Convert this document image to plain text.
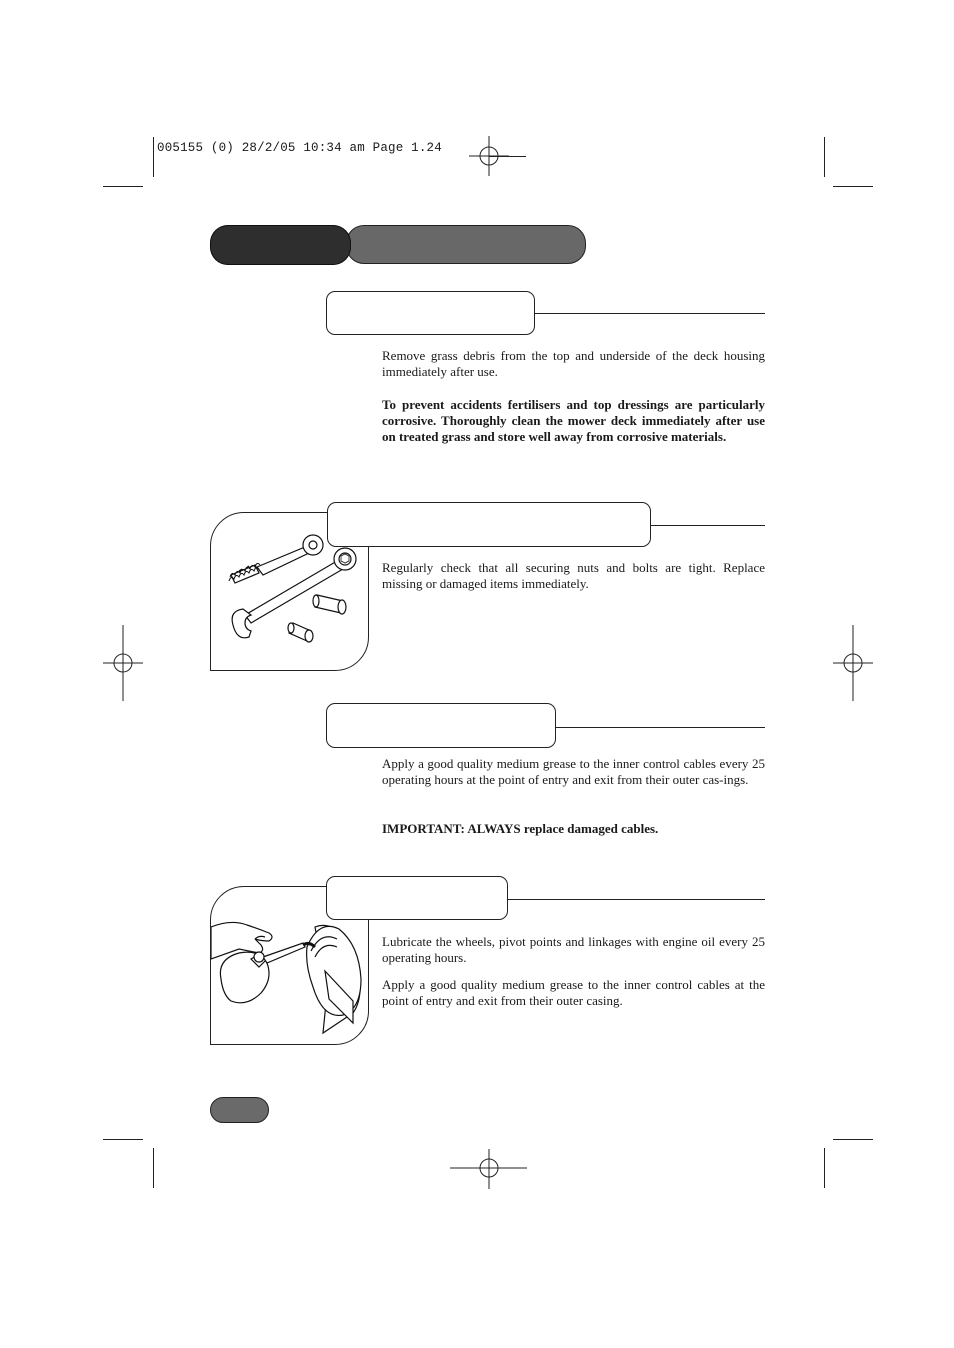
005155 (0) 28/2/05 10:34 am Page 1.24

Remove grass debris from the top and underside of the deck housing immediately after use.

To prevent accidents fertilisers and top dressings are particularly corrosive. Thoroughly clean the mower deck immediately after use on treated grass and store well away from corrosive materials.

Regularly check that all securing nuts and bolts are tight. Replace missing or damaged items immediately.

Apply a good quality medium grease to the inner control cables every 25 operating hours at the point of entry and exit from their outer cas-ings.

IMPORTANT: ALWAYS replace damaged cables.

Lubricate the wheels, pivot points and linkages with engine oil every 25 operating hours.

Apply a good quality medium grease to the inner control cables at the point of entry and exit from their outer casing.
